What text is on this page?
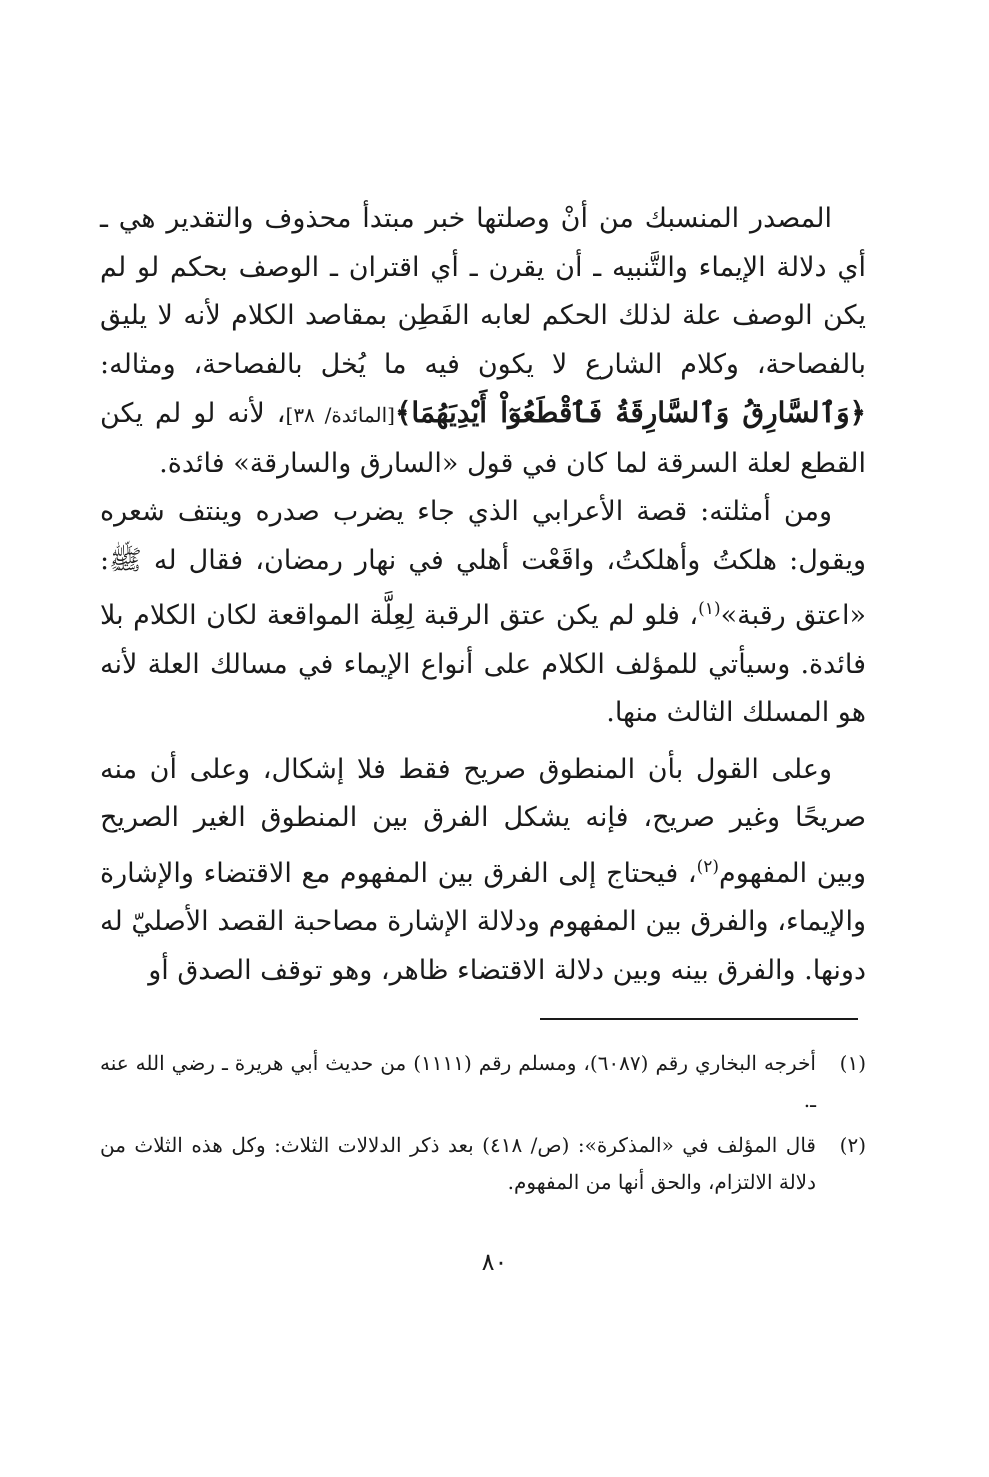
المصدر المنسبك من أنْ وصلتها خبر مبتدأ محذوف والتقدير هي ـ أي دلالة الإيماء والتَّنبيه ـ أن يقرن ـ أي اقتران ـ الوصف بحكم لو لم يكن الوصف علة لذلك الحكم لعابه الفَطِن بمقاصد الكلام لأنه لا يليق بالفصاحة، وكلام الشارع لا يكون فيه ما يُخل بالفصاحة، ومثاله: ﴿وَٱلسَّارِقُ وَٱلسَّارِقَةُ فَٱقْطَعُوٓاْ أَيْدِيَهُمَا﴾[المائدة/ ٣٨]، لأنه لو لم يكن القطع لعلة السرقة لما كان في قول «السارق والسارقة» فائدة.

ومن أمثلته: قصة الأعرابي الذي جاء يضرب صدره وينتف شعره ويقول: هلكتُ وأهلكتُ، واقَعْت أهلي في نهار رمضان، فقال له ﷺ: «اعتق رقبة»$^{(١)}$، فلو لم يكن عتق الرقبة لِعِلَّة المواقعة لكان الكلام بلا فائدة. وسيأتي للمؤلف الكلام على أنواع الإيماء في مسالك العلة لأنه هو المسلك الثالث منها.

وعلى القول بأن المنطوق صريح فقط فلا إشكال، وعلى أن منه صريحًا وغير صريح، فإنه يشكل الفرق بين المنطوق الغير الصريح وبين المفهوم$^{(٢)}$، فيحتاج إلى الفرق بين المفهوم مع الاقتضاء والإشارة والإيماء، والفرق بين المفهوم ودلالة الإشارة مصاحبة القصد الأصليّ له دونها. والفرق بينه وبين دلالة الاقتضاء ظاهر، وهو توقف الصدق أو

(١)
أخرجه البخاري رقم (٦٠٨٧)، ومسلم رقم (١١١١) من حديث أبي هريرة ـ رضي الله عنه ـ.
(٢)
قال المؤلف في «المذكرة»: (ص/ ٤١٨) بعد ذكر الدلالات الثلاث: وكل هذه الثلاث من دلالة الالتزام، والحق أنها من المفهوم.
٨٠
